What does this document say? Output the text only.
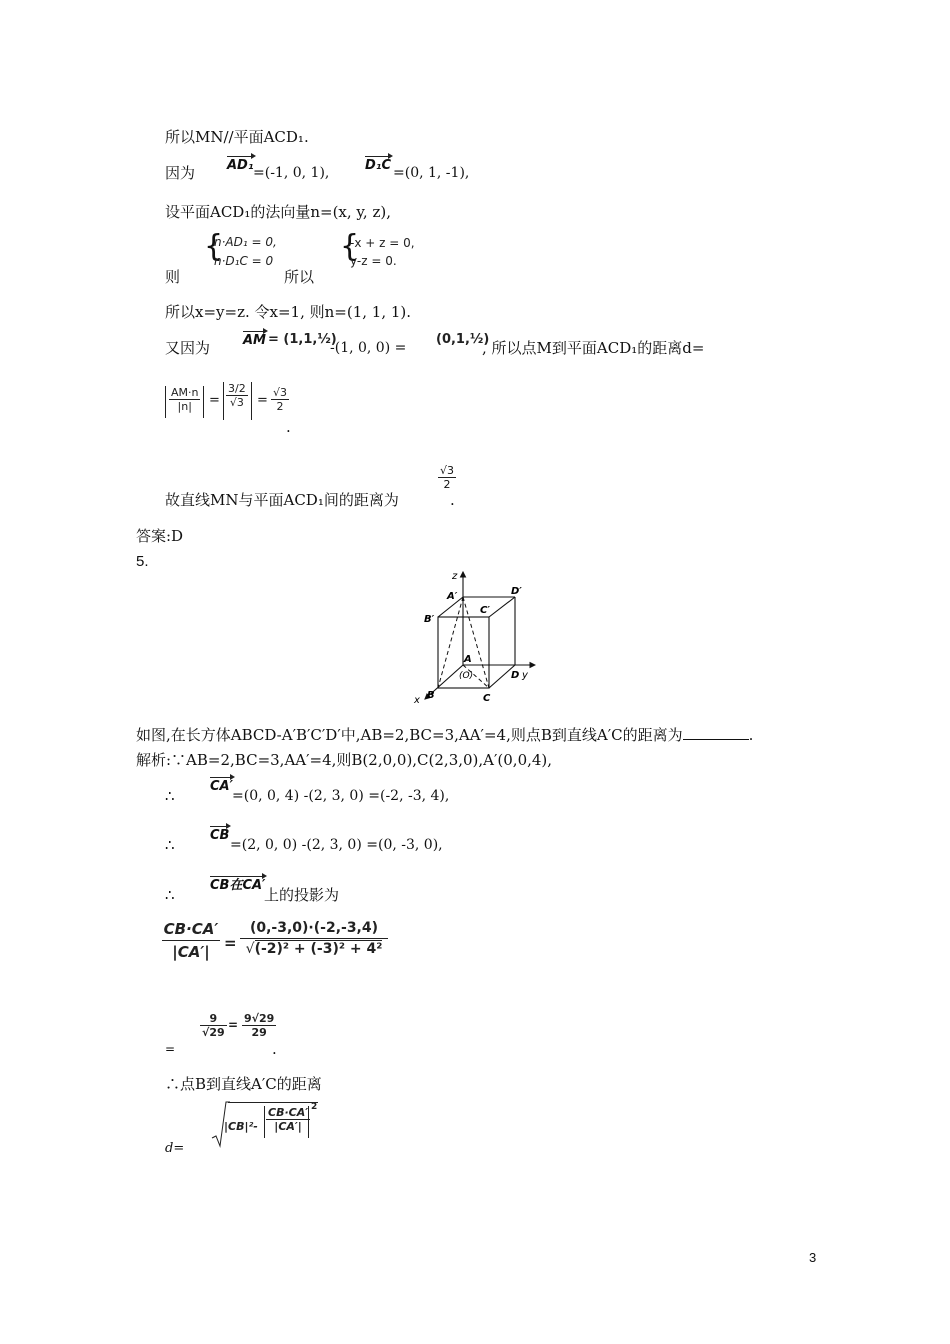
所以MN//平面ACD₁.
因为 AD₁ =(-1, 0, 1),	D₁C =(0, 1, -1),
设平面ACD₁的法向量n=(x, y, z),
{
n·AD₁ = 0,
n·D₁C = 0
则	所以
{
-x + z = 0,
y-z = 0.
所以x=y=z. 令x=1, 则n=(1, 1, 1).
又因为	AM = (1,1,½)
-(1, 0, 0) =
(0,1,½)
, 所以点M到平面ACD₁的距离d=
$\frac{AM\cdot n}{|n|} = \frac{3/2}{√3} = \frac{√3}{2}$
.
$\frac{√3}{2}$
故直线MN与平面ACD₁间的距离为	.
答案:D
5.
z
A′	D′
B′
C′
A
(O)	D y
x B	C
如图,在长方体ABCD-A′B′C′D′中,AB=2,BC=3,AA′=4,则点B到直线A′C的距离为	.
解析:∵AB=2,BC=3,AA′=4,则B(2,0,0),C(2,3,0),A′(0,0,4),
∴
CA′
=(0, 0, 4) -(2, 3, 0) =(-2, -3, 4),
∴
CB
=(2, 0, 0) -(2, 3, 0) =(0, -3, 0),
∴
CB在CA′
上的投影为
$\frac{CB\cdot CA'}{|CA'|}$ =
(0,-3,0)·(-2,-3,4)
√(-2)² + (-3)² + 4²
=
$\frac{9}{√29} = \frac{9√29}{29}$
.
∴点B到直线A′C的距离
d=
$|CB|^2- \frac{CB\cdot CA'}{|CA'|} 2$
3
